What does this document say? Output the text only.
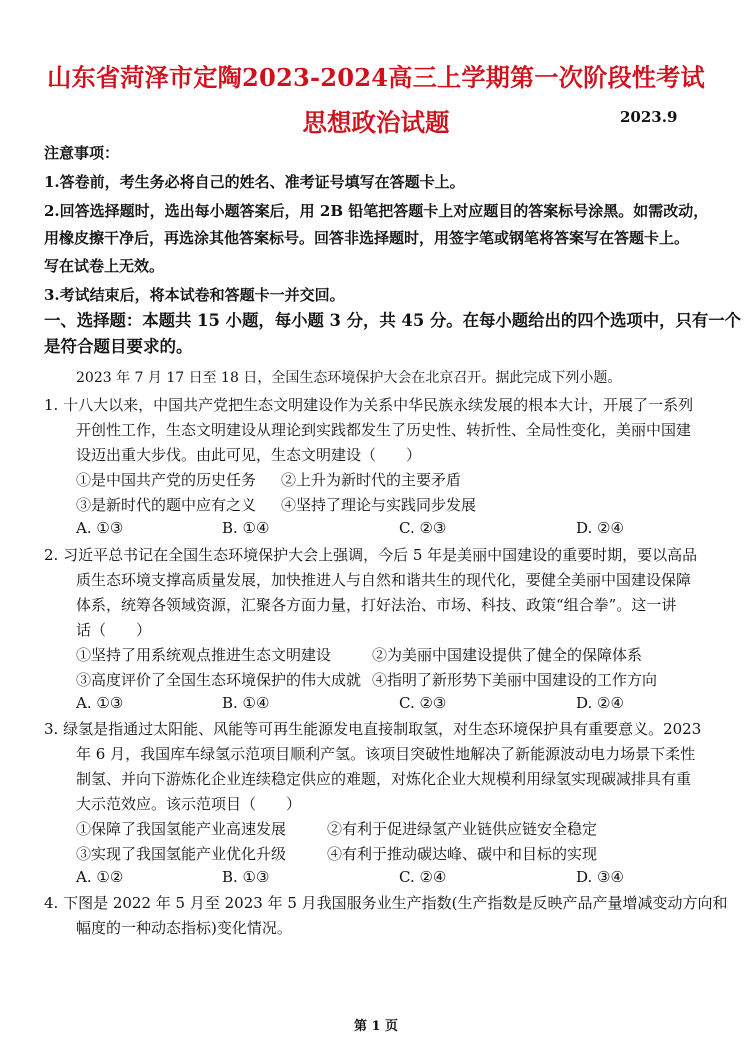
山东省菏泽市定陶2023-2024高三上学期第一次阶段性考试
思想政治试题	2023.9
注意事项：
1.答卷前，考生务必将自己的姓名、准考证号填写在答题卡上。
2.回答选择题时，选出每小题答案后，用 2B 铅笔把答题卡上对应题目的答案标号涂黑。如需改动，
用橡皮擦干净后，再选涂其他答案标号。回答非选择题时，用签字笔或钢笔将答案写在答题卡上。
写在试卷上无效。
3.考试结束后，将本试卷和答题卡一并交回。
一、选择题：本题共 15 小题，每小题 3 分，共 45 分。在每小题给出的四个选项中，只有一个
是符合题目要求的。
2023 年 7 月 17 日至 18 日，全国生态环境保护大会在北京召开。据此完成下列小题。
1. 十八大以来，中国共产党把生态文明建设作为关系中华民族永续发展的根本大计，开展了一系列
开创性工作，生态文明建设从理论到实践都发生了历史性、转折性、全局性变化，美丽中国建
设迈出重大步伐。由此可见，生态文明建设（　　）
①是中国共产党的历史任务 ②上升为新时代的主要矛盾
③是新时代的题中应有之义 ④坚持了理论与实践同步发展
A. ①③	B. ①④	C. ②③	D. ②④
2. 习近平总书记在全国生态环境保护大会上强调，今后 5 年是美丽中国建设的重要时期，要以高品
质生态环境支撑高质量发展，加快推进人与自然和谐共生的现代化，要健全美丽中国建设保障
体系，统筹各领域资源，汇聚各方面力量，打好法治、市场、科技、政策“组合拳”。这一讲
话（　　）
①坚持了用系统观点推进生态文明建设	②为美丽中国建设提供了健全的保障体系
③高度评价了全国生态环境保护的伟大成就 ④指明了新形势下美丽中国建设的工作方向
A. ①③	B. ①④	C. ②③	D. ②④
3. 绿氢是指通过太阳能、风能等可再生能源发电直接制取氢，对生态环境保护具有重要意义。2023
年 6 月，我国库车绿氢示范项目顺利产氢。该项目突破性地解决了新能源波动电力场景下柔性
制氢、并向下游炼化企业连续稳定供应的难题，对炼化企业大规模利用绿氢实现碳减排具有重
大示范效应。该示范项目（　　）
①保障了我国氢能产业高速发展	②有利于促进绿氢产业链供应链安全稳定
③实现了我国氢能产业优化升级	④有利于推动碳达峰、碳中和目标的实现
A. ①②	B. ①③	C. ②④	D. ③④
4. 下图是 2022 年 5 月至 2023 年 5 月我国服务业生产指数(生产指数是反映产品产量增减变动方向和
幅度的一种动态指标)变化情况。
第 1 页
